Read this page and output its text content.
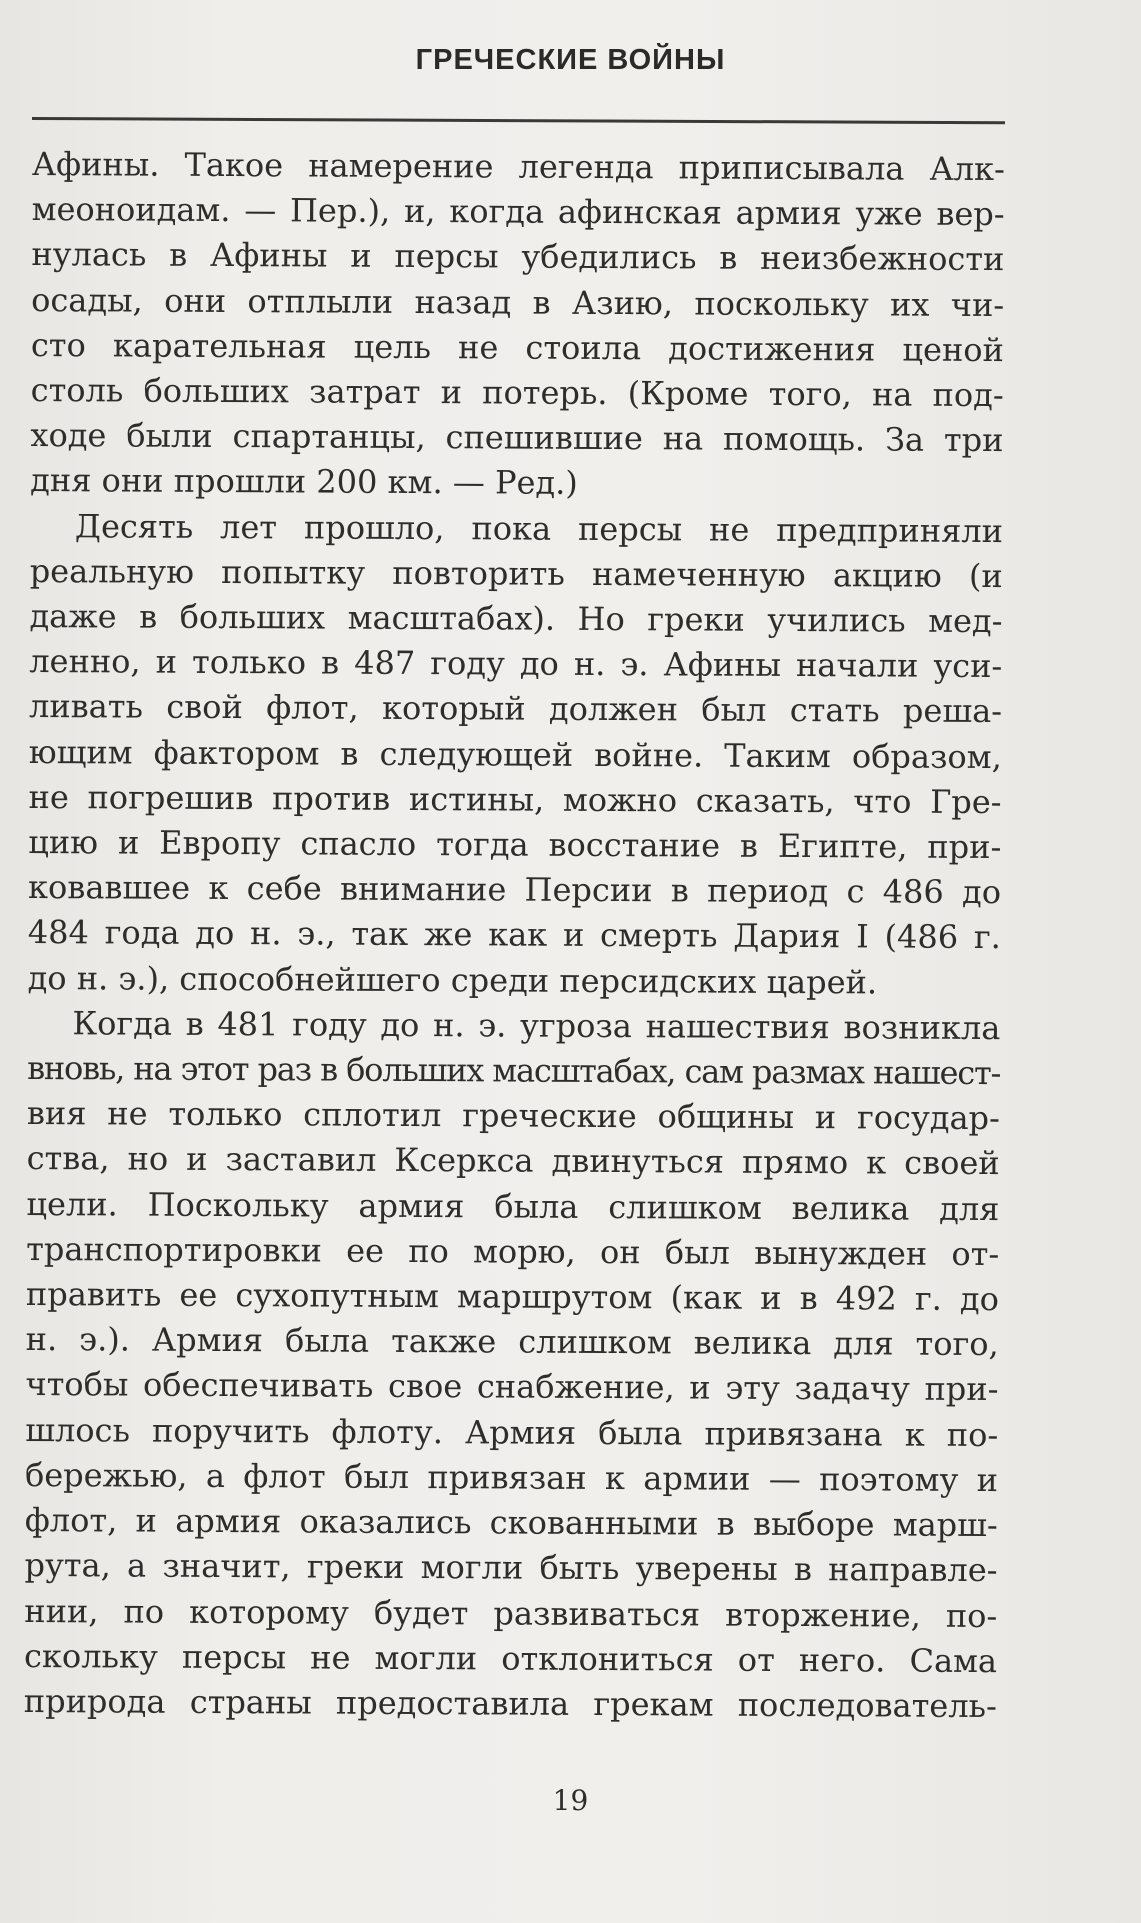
ГРЕЧЕСКИЕ ВОЙНЫ
Афины. Такое намерение легенда приписывала Алк-
меоноидам. — Пер.), и, когда афинская армия уже вер-
нулась в Афины и персы убедились в неизбежности
осады, они отплыли назад в Азию, поскольку их чи-
сто карательная цель не стоила достижения ценой
столь больших затрат и потерь. (Кроме того, на под-
ходе были спартанцы, спешившие на помощь. За три
дня они прошли 200 км. — Ред.)
Десять лет прошло, пока персы не предприняли
реальную попытку повторить намеченную акцию (и
даже в больших масштабах). Но греки учились мед-
ленно, и только в 487 году до н. э. Афины начали уси-
ливать свой флот, который должен был стать реша-
ющим фактором в следующей войне. Таким образом,
не погрешив против истины, можно сказать, что Гре-
цию и Европу спасло тогда восстание в Египте, при-
ковавшее к себе внимание Персии в период с 486 до
484 года до н. э., так же как и смерть Дария I (486 г.
до н. э.), способнейшего среди персидских царей.
Когда в 481 году до н. э. угроза нашествия возникла
вновь, на этот раз в больших масштабах, сам размах нашест-
вия не только сплотил греческие общины и государ-
ства, но и заставил Ксеркса двинуться прямо к своей
цели. Поскольку армия была слишком велика для
транспортировки ее по морю, он был вынужден от-
править ее сухопутным маршрутом (как и в 492 г. до
н. э.). Армия была также слишком велика для того,
чтобы обеспечивать свое снабжение, и эту задачу при-
шлось поручить флоту. Армия была привязана к по-
бережью, а флот был привязан к армии — поэтому и
флот, и армия оказались скованными в выборе марш-
рута, а значит, греки могли быть уверены в направле-
нии, по которому будет развиваться вторжение, по-
скольку персы не могли отклониться от него. Сама
природа страны предоставила грекам последователь-
19
